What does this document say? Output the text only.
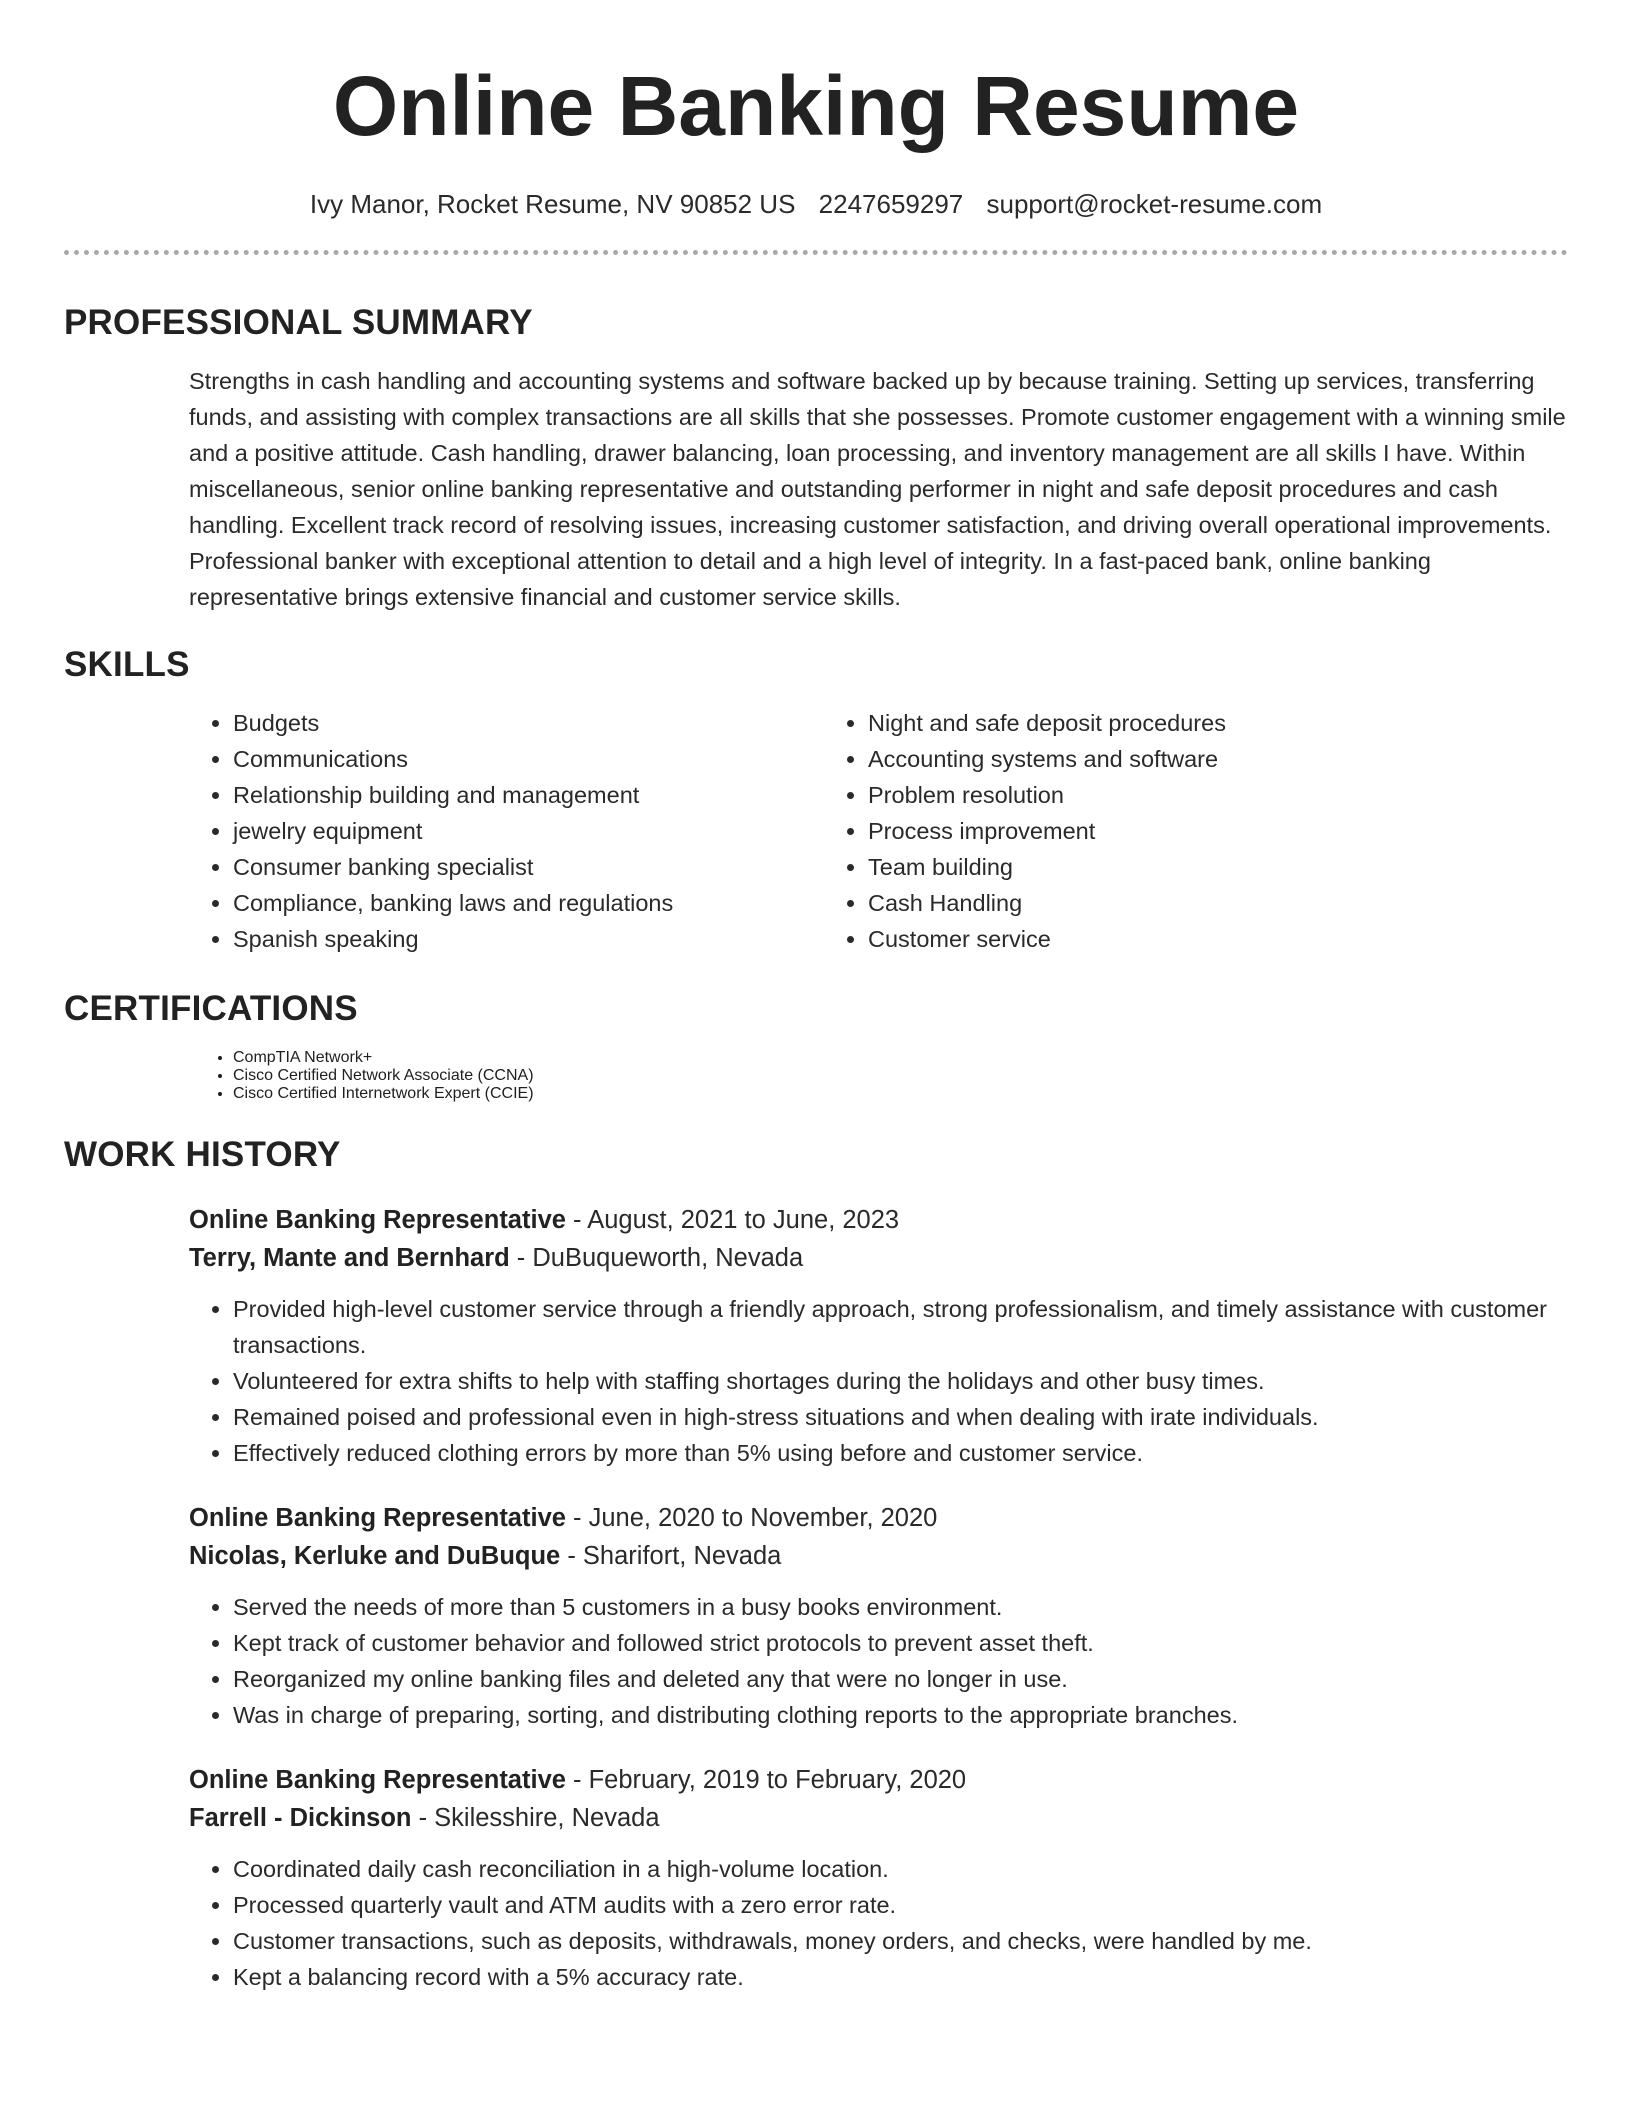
Online Banking Resume
Ivy Manor, Rocket Resume, NV 90852 US 2247659297 support@rocket-resume.com
PROFESSIONAL SUMMARY

Strengths in cash handling and accounting systems and software backed up by because training. Setting up services, transferring funds, and assisting with complex transactions are all skills that she possesses. Promote customer engagement with a winning smile and a positive attitude. Cash handling, drawer balancing, loan processing, and inventory management are all skills I have. Within miscellaneous, senior online banking representative and outstanding performer in night and safe deposit procedures and cash handling. Excellent track record of resolving issues, increasing customer satisfaction, and driving overall operational improvements. Professional banker with exceptional attention to detail and a high level of integrity. In a fast-paced bank, online banking representative brings extensive financial and customer service skills.

SKILLS
• Budgets
• Communications
• Relationship building and management
• jewelry equipment
• Consumer banking specialist
• Compliance, banking laws and regulations
• Spanish speaking
• Night and safe deposit procedures
• Accounting systems and software
• Problem resolution
• Process improvement
• Team building
• Cash Handling
• Customer service
CERTIFICATIONS
• CompTIA Network+
• Cisco Certified Network Associate (CCNA)
• Cisco Certified Internetwork Expert (CCIE)
WORK HISTORY
Online Banking Representative - August, 2021 to June, 2023
Terry, Mante and Bernhard - DuBuqueworth, Nevada
• Provided high-level customer service through a friendly approach, strong professionalism, and timely assistance with customer transactions.
• Volunteered for extra shifts to help with staffing shortages during the holidays and other busy times.
• Remained poised and professional even in high-stress situations and when dealing with irate individuals.
• Effectively reduced clothing errors by more than 5% using before and customer service.
Online Banking Representative - June, 2020 to November, 2020
Nicolas, Kerluke and DuBuque - Sharifort, Nevada
• Served the needs of more than 5 customers in a busy books environment.
• Kept track of customer behavior and followed strict protocols to prevent asset theft.
• Reorganized my online banking files and deleted any that were no longer in use.
• Was in charge of preparing, sorting, and distributing clothing reports to the appropriate branches.
Online Banking Representative - February, 2019 to February, 2020
Farrell - Dickinson - Skilesshire, Nevada
• Coordinated daily cash reconciliation in a high-volume location.
• Processed quarterly vault and ATM audits with a zero error rate.
• Customer transactions, such as deposits, withdrawals, money orders, and checks, were handled by me.
• Kept a balancing record with a 5% accuracy rate.
